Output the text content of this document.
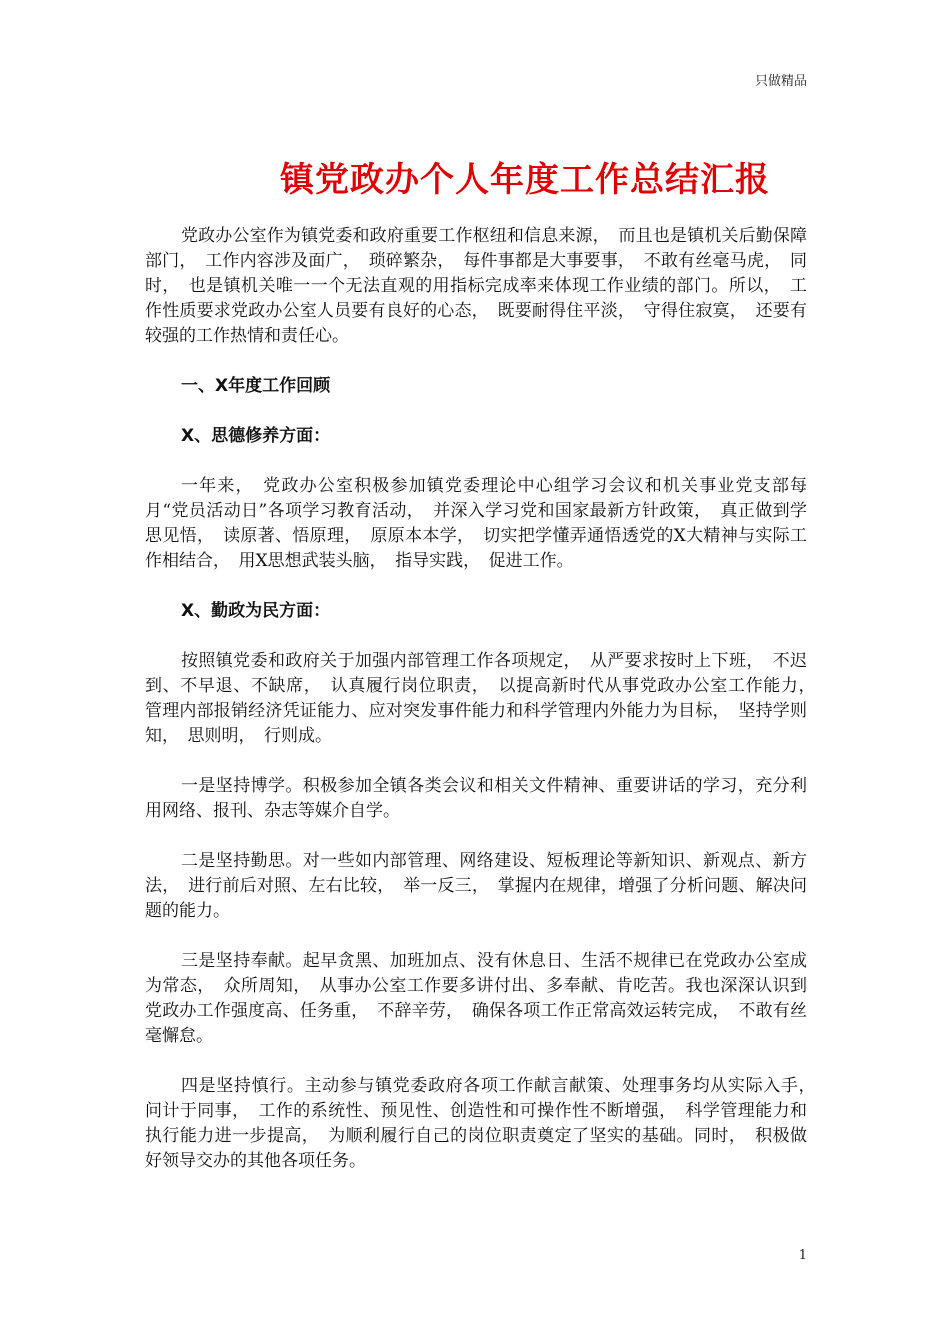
只做精品
镇党政办个人年度工作总结汇报

党政办公室作为镇党委和政府重要工作枢纽和信息来源，　而且也是镇机关后勤保障部门，　工作内容涉及面广，　琐碎繁杂，　每件事都是大事要事，　不敢有丝毫马虎，　同时，　也是镇机关唯一一个无法直观的用指标完成率来体现工作业绩的部门。所以，　工作性质要求党政办公室人员要有良好的心态，　既要耐得住平淡，　守得住寂寞，　还要有较强的工作热情和责任心。

一、X年度工作回顾

X、思德修养方面：

一年来，　党政办公室积极参加镇党委理论中心组学习会议和机关事业党支部每月“党员活动日”各项学习教育活动，　并深入学习党和国家最新方针政策，　真正做到学思见悟，　读原著、悟原理，　原原本本学，　切实把学懂弄通悟透党的X大精神与实际工作相结合，　用X思想武装头脑，　指导实践，　促进工作。

X、勤政为民方面：

按照镇党委和政府关于加强内部管理工作各项规定，　从严要求按时上下班，　不迟到、不早退、不缺席，　认真履行岗位职责，　以提高新时代从事党政办公室工作能力，　管理内部报销经济凭证能力、应对突发事件能力和科学管理内外能力为目标，　坚持学则知，　思则明，　行则成。

一是坚持博学。积极参加全镇各类会议和相关文件精神、重要讲话的学习，充分利用网络、报刊、杂志等媒介自学。

二是坚持勤思。对一些如内部管理、网络建设、短板理论等新知识、新观点、新方法，　进行前后对照、左右比较，　举一反三，　掌握内在规律，增强了分析问题、解决问题的能力。

三是坚持奉献。起早贪黑、加班加点、没有休息日、生活不规律已在党政办公室成为常态，　众所周知，　从事办公室工作要多讲付出、多奉献、肯吃苦。我也深深认识到党政办工作强度高、任务重，　不辞辛劳，　确保各项工作正常高效运转完成，　不敢有丝毫懈怠。

四是坚持慎行。主动参与镇党委政府各项工作献言献策、处理事务均从实际入手，　问计于同事，　工作的系统性、预见性、创造性和可操作性不断增强，　科学管理能力和执行能力进一步提高，　为顺利履行自己的岗位职责奠定了坚实的基础。同时，　积极做好领导交办的其他各项任务。

1
